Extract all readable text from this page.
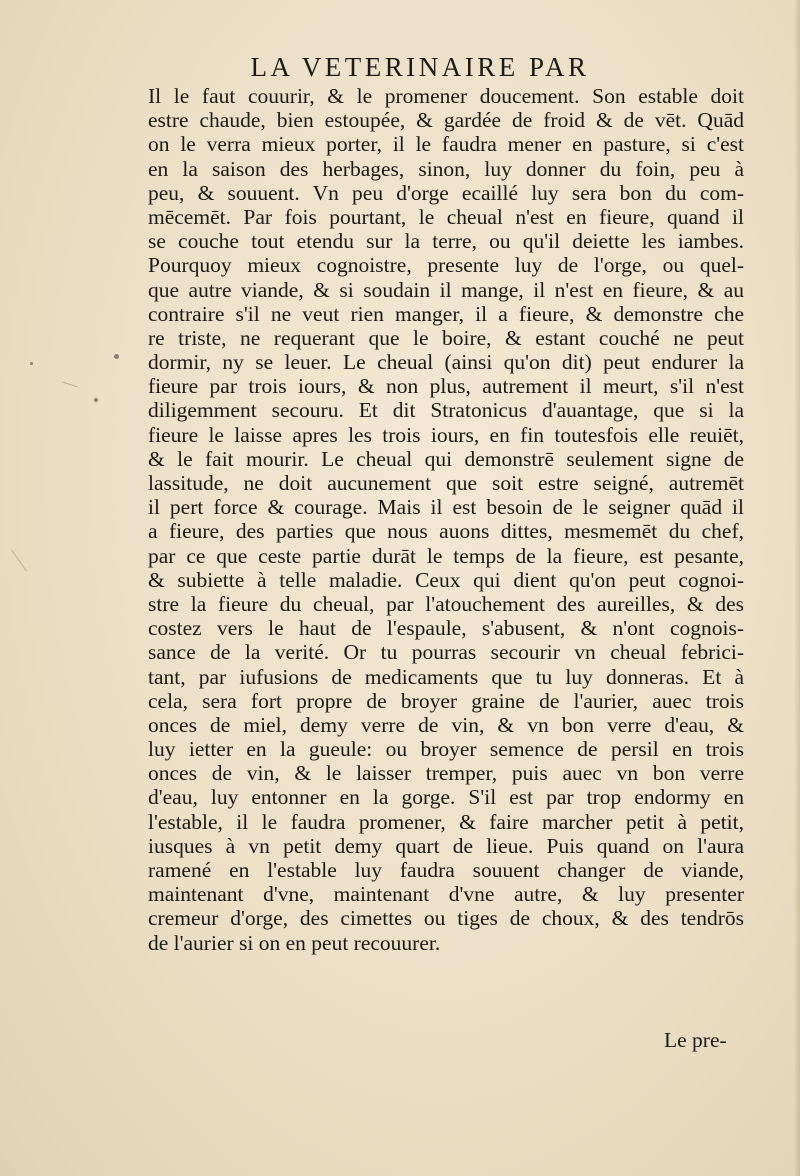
LA VETERINAIRE PAR
Il le faut couurir, & le promener doucement. Son estable doit
estre chaude, bien estoupée, & gardée de froid & de vēt. Quād
on le verra mieux porter, il le faudra mener en pasture, si c'est
en la saison des herbages, sinon, luy donner du foin, peu à
peu, & souuent. Vn peu d'orge ecaillé luy sera bon du com-
mēcemēt. Par fois pourtant, le cheual n'est en fieure, quand il
se couche tout etendu sur la terre, ou qu'il deiette les iambes.
Pourquoy mieux cognoistre, presente luy de l'orge, ou quel-
que autre viande, & si soudain il mange, il n'est en fieure, & au
contraire s'il ne veut rien manger, il a fieure, & demonstre che
re triste, ne requerant que le boire, & estant couché ne peut
dormir, ny se leuer. Le cheual (ainsi qu'on dit) peut endurer la
fieure par trois iours, & non plus, autrement il meurt, s'il n'est
diligemment secouru. Et dit Stratonicus d'auantage, que si la
fieure le laisse apres les trois iours, en fin toutesfois elle reuiēt,
& le fait mourir. Le cheual qui demonstrē seulement signe de
lassitude, ne doit aucunement que soit estre seigné, autremēt
il pert force & courage. Mais il est besoin de le seigner quād il
a fieure, des parties que nous auons dittes, mesmemēt du chef,
par ce que ceste partie durāt le temps de la fieure, est pesante,
& subiette à telle maladie. Ceux qui dient qu'on peut cognoi-
stre la fieure du cheual, par l'atouchement des aureilles, & des
costez vers le haut de l'espaule, s'abusent, & n'ont cognois-
sance de la verité. Or tu pourras secourir vn cheual febrici-
tant, par iufusions de medicaments que tu luy donneras. Et à
cela, sera fort propre de broyer graine de l'aurier, auec trois
onces de miel, demy verre de vin, & vn bon verre d'eau, &
luy ietter en la gueule: ou broyer semence de persil en trois
onces de vin, & le laisser tremper, puis auec vn bon verre
d'eau, luy entonner en la gorge. S'il est par trop endormy en
l'estable, il le faudra promener, & faire marcher petit à petit,
iusques à vn petit demy quart de lieue. Puis quand on l'aura
ramené en l'estable luy faudra souuent changer de viande,
maintenant d'vne, maintenant d'vne autre, & luy presenter
cremeur d'orge, des cimettes ou tiges de choux, & des tendrōs
de l'aurier si on en peut recouurer.
Le pre-
